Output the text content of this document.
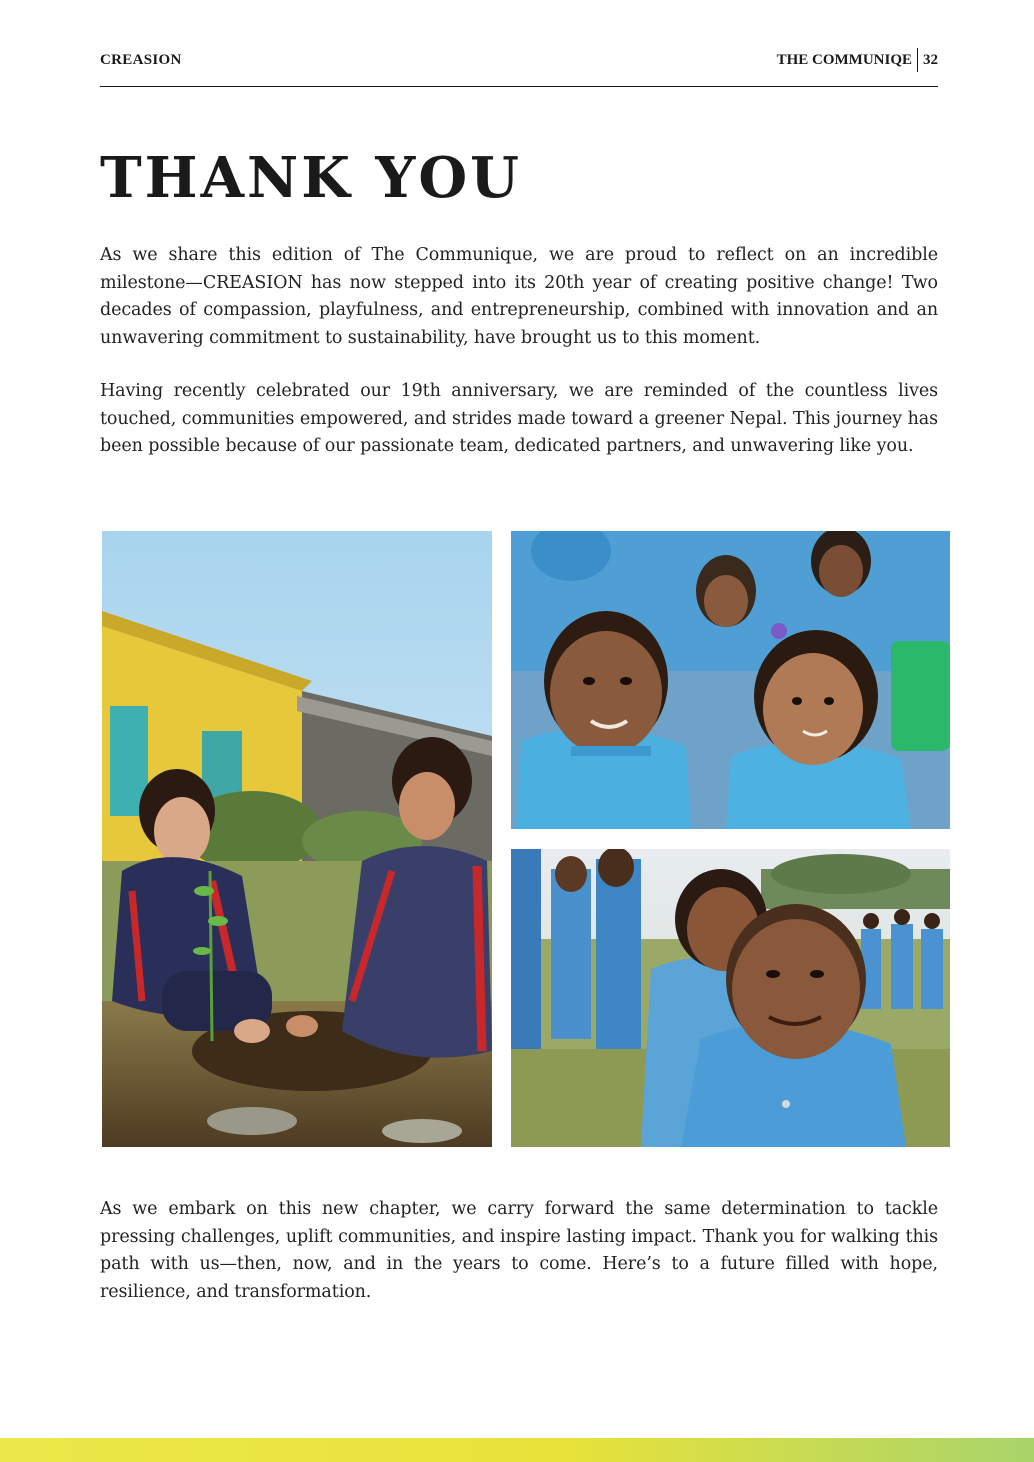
CREASION	THE COMMUNIQE 32
THANK YOU

As we share this edition of The Communique, we are proud to reflect on an incredible milestone—CREASION has now stepped into its 20th year of creating positive change! Two decades of compassion, playfulness, and entrepreneurship, combined with innovation and an unwavering commitment to sustainability, have brought us to this moment.

Having recently celebrated our 19th anniversary, we are reminded of the countless lives touched, communities empowered, and strides made toward a greener Nepal. This journey has been possible because of our passionate team, dedicated partners, and unwavering like you.

As we embark on this new chapter, we carry forward the same determination to tackle pressing challenges, uplift communities, and inspire lasting impact. Thank you for walking this path with us—then, now, and in the years to come. Here’s to a future filled with hope, resilience, and transformation.
